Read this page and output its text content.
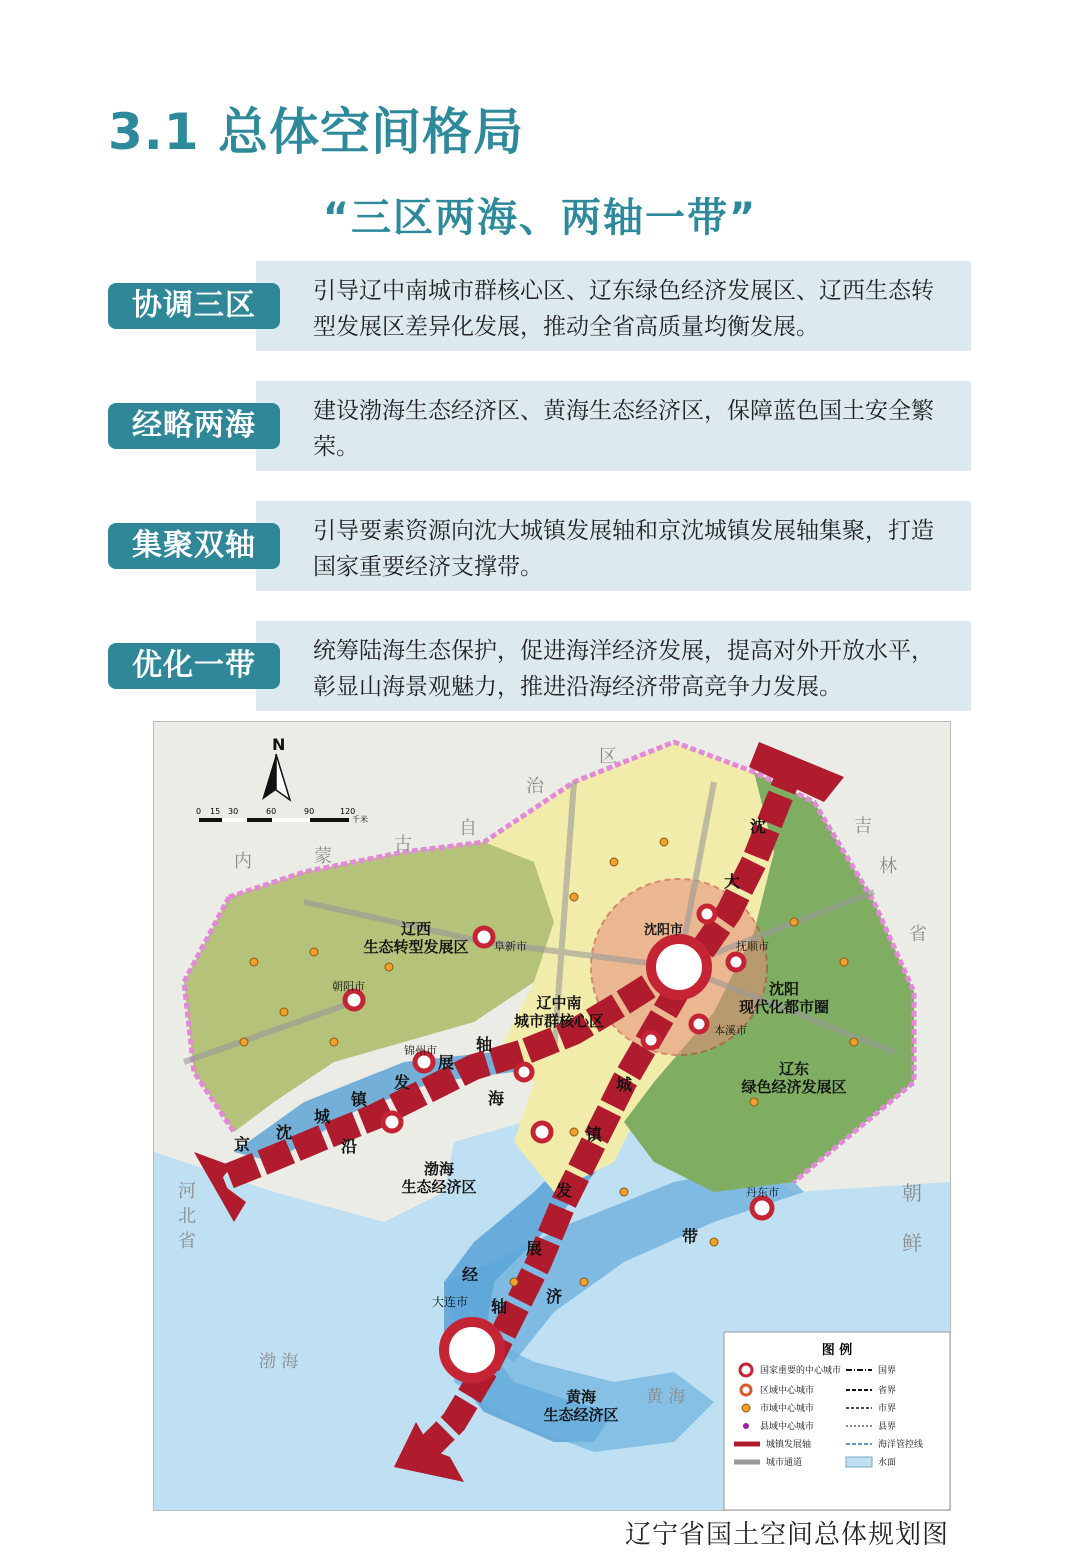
3.1 总体空间格局
“三区两海、两轴一带”
协调三区	引导辽中南城市群核心区、辽东绿色经济发展区、辽西生态转型发展区差异化发展，推动全省高质量均衡发展。
经略两海	建设渤海生态经济区、黄海生态经济区，保障蓝色国土安全繁荣。
集聚双轴	引导要素资源向沈大城镇发展轴和京沈城镇发展轴集聚，打造国家重要经济支撑带。
优化一带	统筹陆海生态保护，促进海洋经济发展，提高对外开放水平，彰显山海景观魅力，推进沿海经济带高竞争力发展。
N
0 15 30	60	90	120
千米
内	蒙
古
自
治
区
吉
林
省
朝
鲜
河
北
省
渤 海
黄 海
辽西
生态转型发展区
辽中南
城市群核心区
沈阳
现代化都市圈
辽东
绿色经济发展区
渤海
生态经济区
黄海
生态经济区
沈阳市
大连市
阜新市
朝阳市
抚顺市
本溪市
丹东市
锦州市
沈
大
城
镇
发
展
轴
京
沈
城
镇
发
展
轴
沿
海
经
济
带
图 例
国家重要的中心城市
区域中心城市
市域中心城市
县域中心城市
城镇发展轴
城市通道
国界
省界
市界
县界
海洋管控线
水面
辽宁省国土空间总体规划图
